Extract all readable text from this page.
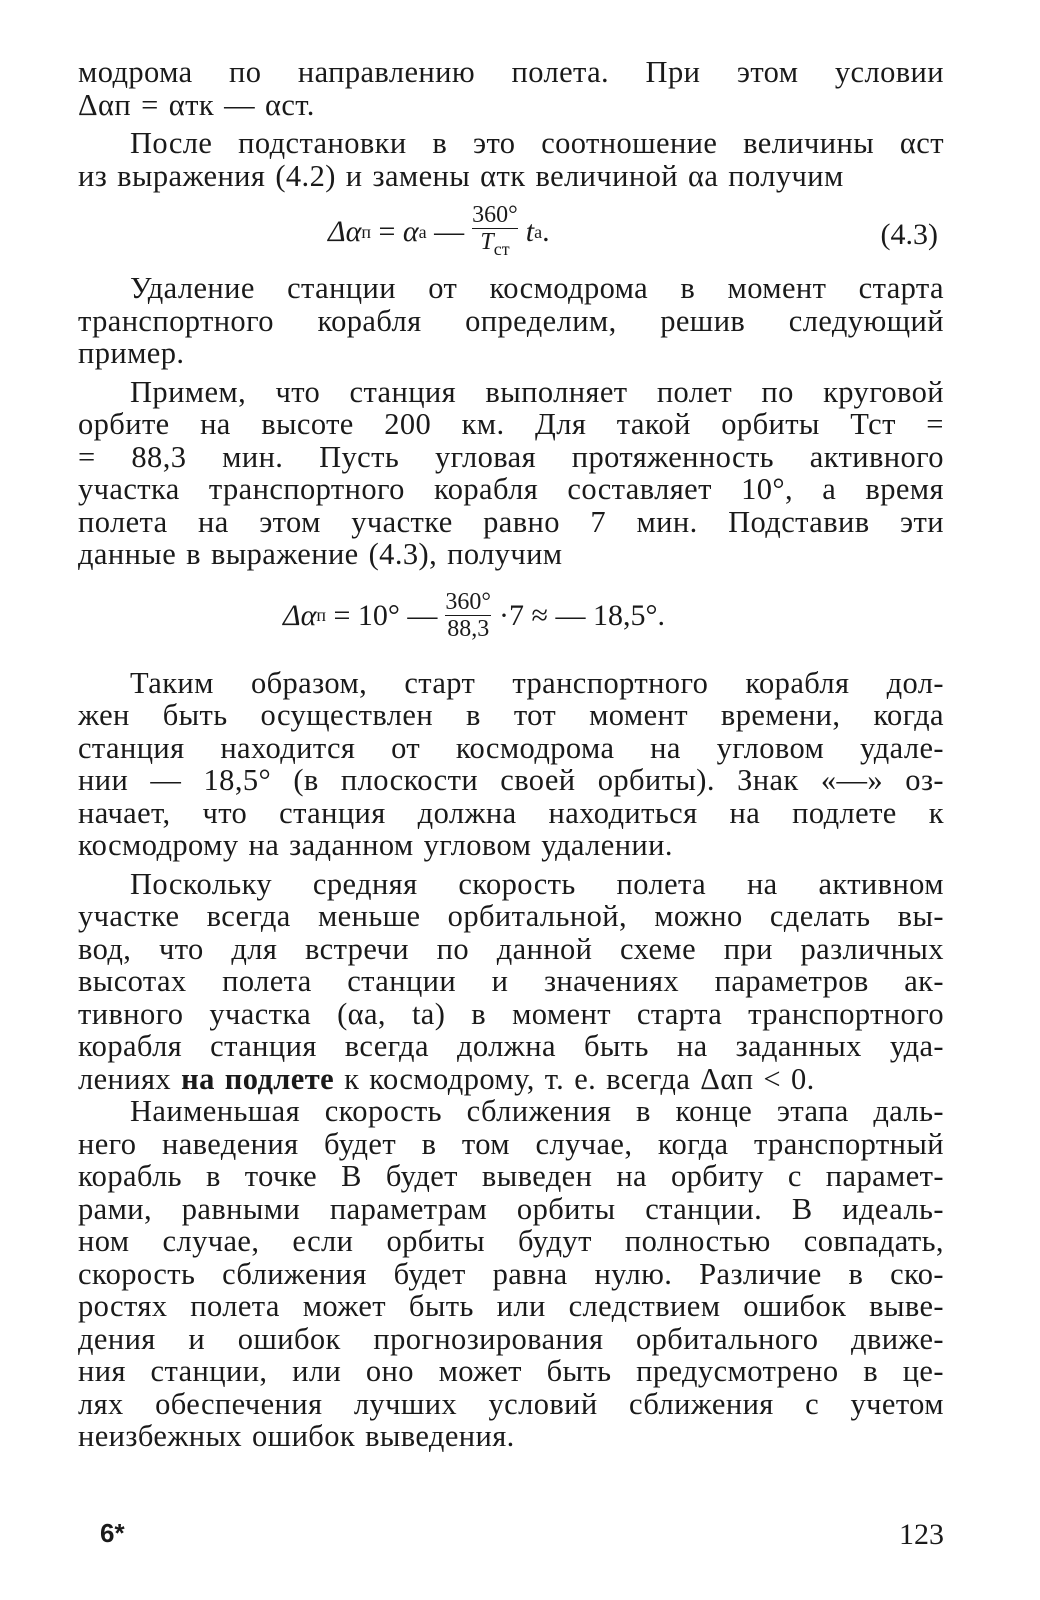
модрома по направлению полета. При этом условии
Δαп = αтк — αст.
После подстановки в это соотношение величины αст
из выражения (4.2) и замены αтк величиной αа получим
Δα п
=
α а
— $\frac{360^\circ}{T_{ст}}$ t а .	(4.3)
Удаление станции от космодрома в момент старта
транспортного корабля определим, решив следующий
пример.
Примем, что станция выполняет полет по круговой
орбите на высоте 200 км. Для такой орбиты Тст =
= 88,3 мин. Пусть угловая протяженность активного
участка транспортного корабля составляет 10°, а время
полета на этом участке равно 7 мин. Подставив эти
данные в выражение (4.3), получим
Δα п
=
10°
— $\frac{360^\circ}{88,3} \cdot 7$
≈
— 18,5°.
Таким образом, старт транспортного корабля дол-
жен быть осуществлен в тот момент времени, когда
станция находится от космодрома на угловом удале-
нии — 18,5° (в плоскости своей орбиты). Знак «—» оз-
начает, что станция должна находиться на подлете к
космодрому на заданном угловом удалении.
Поскольку средняя скорость полета на активном
участке всегда меньше орбитальной, можно сделать вы-
вод, что для встречи по данной схеме при различных
высотах полета станции и значениях параметров ак-
тивного участка (αа, tа) в момент старта транспортного
корабля станция всегда должна быть на заданных уда-
лениях на подлете к космодрому, т. е. всегда Δαп < 0.
Наименьшая скорость сближения в конце этапа даль-
него наведения будет в том случае, когда транспортный
корабль в точке B будет выведен на орбиту с парамет-
рами, равными параметрам орбиты станции. В идеаль-
ном случае, если орбиты будут полностью совпадать,
скорость сближения будет равна нулю. Различие в ско-
ростях полета может быть или следствием ошибок выве-
дения и ошибок прогнозирования орбитального движе-
ния станции, или оно может быть предусмотрено в це-
лях обеспечения лучших условий сближения с учетом
неизбежных ошибок выведения.
6*	123
